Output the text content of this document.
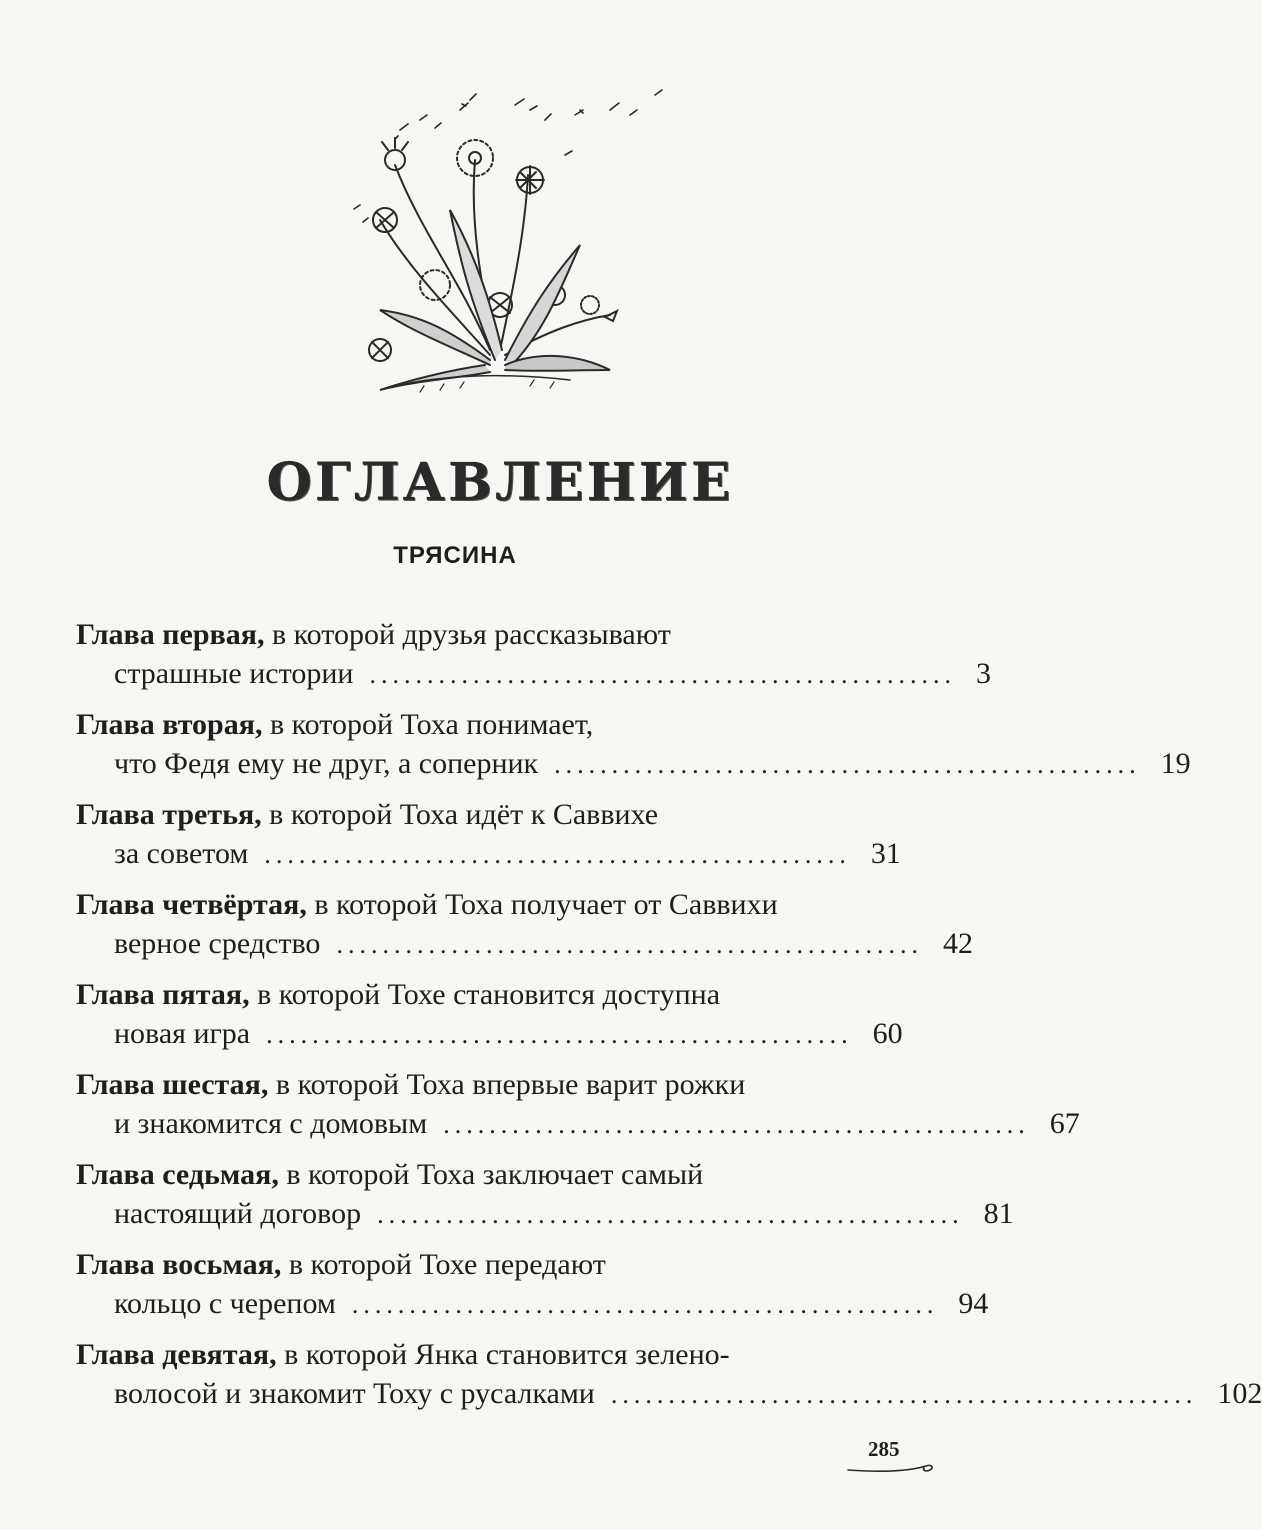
ОГЛАВЛЕНИЕ
ТРЯСИНА
Глава первая, в которой друзья рассказывают
страшные истории ................................................... 3
Глава вторая, в которой Тоха понимает,
что Федя ему не друг, а соперник ................................................... 19
Глава третья, в которой Тоха идёт к Саввихе
за советом ................................................... 31
Глава четвёртая, в которой Тоха получает от Саввихи
верное средство ................................................... 42
Глава пятая, в которой Тохе становится доступна
новая игра ................................................... 60
Глава шестая, в которой Тоха впервые варит рожки
и знакомится с домовым ................................................... 67
Глава седьмая, в которой Тоха заключает самый
настоящий договор ................................................... 81
Глава восьмая, в которой Тохе передают
кольцо с черепом ................................................... 94
Глава девятая, в которой Янка становится зелено-
волосой и знакомит Тоху с русалками ................................................... 102
285
